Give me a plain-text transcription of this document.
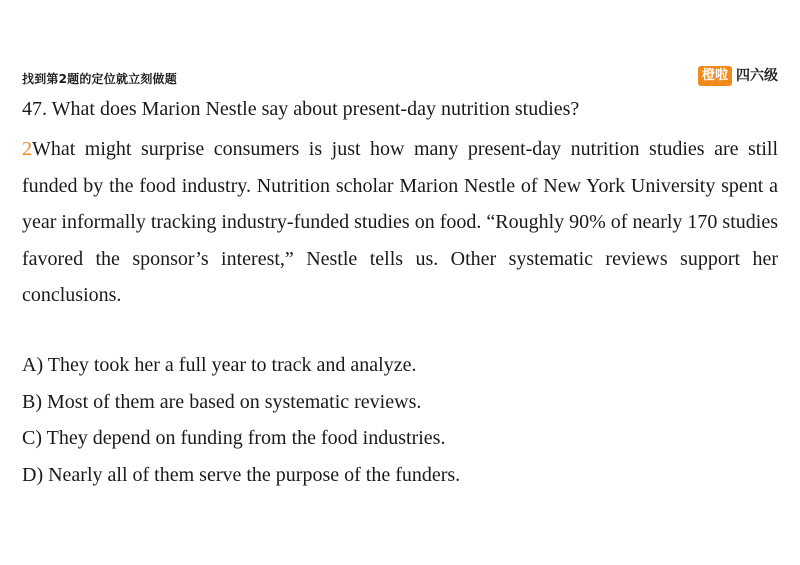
找到第2题的定位就立刻做题	橙啦 四六级
47. What does Marion Nestle say about present-day nutrition studies?
2What might surprise consumers is just how many present-day nutrition studies are still funded by the food industry. Nutrition scholar Marion Nestle of New York University spent a year informally tracking industry-funded studies on food. “Roughly 90% of nearly 170 studies favored the sponsor’s interest,” Nestle tells us. Other systematic reviews support her conclusions.
A) They took her a full year to track and analyze.
B) Most of them are based on systematic reviews.
C) They depend on funding from the food industries.
D) Nearly all of them serve the purpose of the funders.
